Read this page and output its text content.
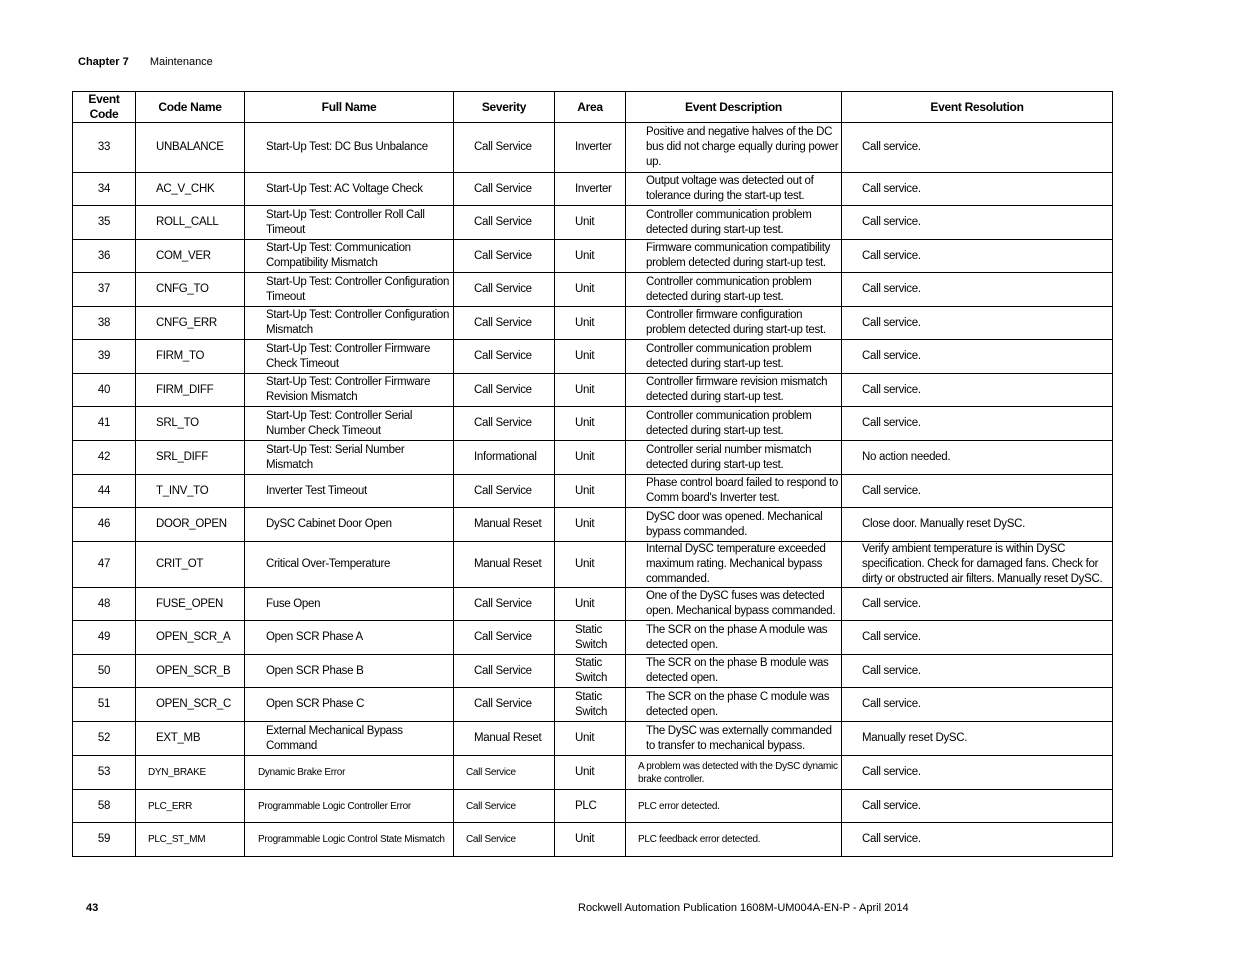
Chapter 7 Maintenance
Event Code	Code Name	Full Name	Severity	Area	Event Description	Event Resolution
33	UNBALANCE	Start-Up Test: DC Bus Unbalance	Call Service	Inverter	Positive and negative halves of the DC bus did not charge equally during power up.	Call service.
34	AC_V_CHK	Start-Up Test: AC Voltage Check	Call Service	Inverter	Output voltage was detected out of tolerance during the start-up test.	Call service.
35	ROLL_CALL	Start-Up Test: Controller Roll Call Timeout	Call Service	Unit	Controller communication problem detected during start-up test.	Call service.
36	COM_VER	Start-Up Test: Communication Compatibility Mismatch	Call Service	Unit	Firmware communication compatibility problem detected during start-up test.	Call service.
37	CNFG_TO	Start-Up Test: Controller Configuration Timeout	Call Service	Unit	Controller communication problem detected during start-up test.	Call service.
38	CNFG_ERR	Start-Up Test: Controller Configuration Mismatch	Call Service	Unit	Controller firmware configuration problem detected during start-up test.	Call service.
39	FIRM_TO	Start-Up Test: Controller Firmware Check Timeout	Call Service	Unit	Controller communication problem detected during start-up test.	Call service.
40	FIRM_DIFF	Start-Up Test: Controller Firmware Revision Mismatch	Call Service	Unit	Controller firmware revision mismatch detected during start-up test.	Call service.
41	SRL_TO	Start-Up Test: Controller Serial Number Check Timeout	Call Service	Unit	Controller communication problem detected during start-up test.	Call service.
42	SRL_DIFF	Start-Up Test: Serial Number Mismatch	Informational	Unit	Controller serial number mismatch detected during start-up test.	No action needed.
44	T_INV_TO	Inverter Test Timeout	Call Service	Unit	Phase control board failed to respond to Comm board's Inverter test.	Call service.
46	DOOR_OPEN	DySC Cabinet Door Open	Manual Reset	Unit	DySC door was opened. Mechanical bypass commanded.	Close door. Manually reset DySC.
47	CRIT_OT	Critical Over-Temperature	Manual Reset	Unit	Internal DySC temperature exceeded maximum rating. Mechanical bypass commanded.	Verify ambient temperature is within DySC specification. Check for damaged fans. Check for dirty or obstructed air filters. Manually reset DySC.
48	FUSE_OPEN	Fuse Open	Call Service	Unit	One of the DySC fuses was detected open. Mechanical bypass commanded.	Call service.
49	OPEN_SCR_A	Open SCR Phase A	Call Service	Static Switch	The SCR on the phase A module was detected open.	Call service.
50	OPEN_SCR_B	Open SCR Phase B	Call Service	Static Switch	The SCR on the phase B module was detected open.	Call service.
51	OPEN_SCR_C	Open SCR Phase C	Call Service	Static Switch	The SCR on the phase C module was detected open.	Call service.
52	EXT_MB	External Mechanical Bypass Command	Manual Reset	Unit	The DySC was externally commanded to transfer to mechanical bypass.	Manually reset DySC.
53	DYN_BRAKE	Dynamic Brake Error	Call Service	Unit	A problem was detected with the DySC dynamic brake controller.	Call service.
58	PLC_ERR	Programmable Logic Controller Error	Call Service	PLC	PLC error detected.	Call service.
59	PLC_ST_MM	Programmable Logic Control State Mismatch	Call Service	Unit	PLC feedback error detected.	Call service.
43	Rockwell Automation Publication 1608M-UM004A-EN-P - April 2014
